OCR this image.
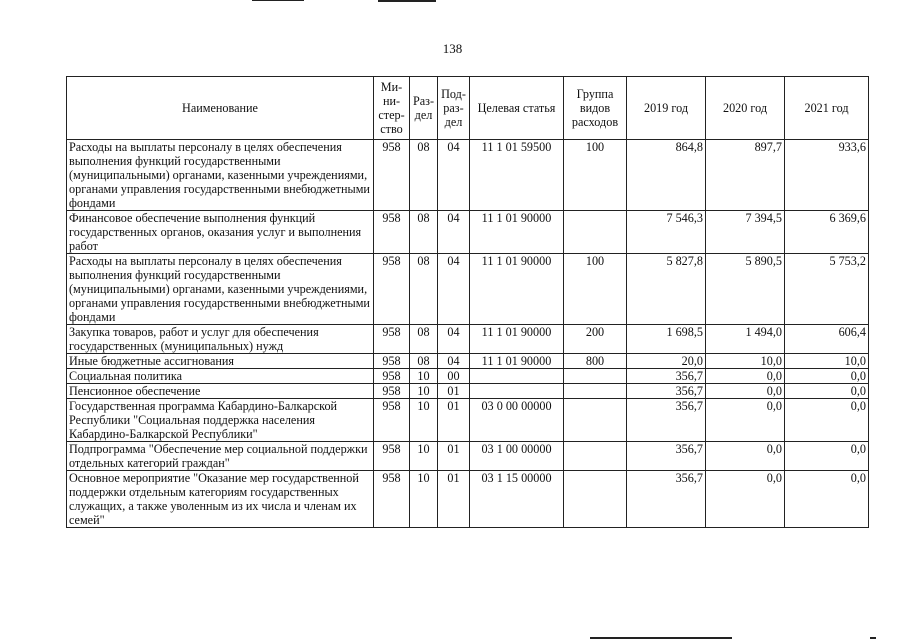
138
Наименование	Ми-ни-стер-ство	Раз-дел	Под-раз-дел	Целевая статья	Группа видов расходов	2019 год	2020 год	2021 год
Расходы на выплаты персоналу в целях обеспечения выполнения функций государственными (муниципальными) органами, казенными учреждениями, органами управления государственными внебюджетными фондами	958	08	04	11 1 01 59500	100	864,8	897,7	933,6
Финансовое обеспечение выполнения функций государственных органов, оказания услуг и выполнения работ	958	08	04	11 1 01 90000		7 546,3	7 394,5	6 369,6
Расходы на выплаты персоналу в целях обеспечения выполнения функций государственными (муниципальными) органами, казенными учреждениями, органами управления государственными внебюджетными фондами	958	08	04	11 1 01 90000	100	5 827,8	5 890,5	5 753,2
Закупка товаров, работ и услуг для обеспечения государственных (муниципальных) нужд	958	08	04	11 1 01 90000	200	1 698,5	1 494,0	606,4
Иные бюджетные ассигнования	958	08	04	11 1 01 90000	800	20,0	10,0	10,0
Социальная политика	958	10	00			356,7	0,0	0,0
Пенсионное обеспечение	958	10	01			356,7	0,0	0,0
Государственная программа Кабардино-Балкарской Республики "Социальная поддержка населения Кабардино-Балкарской Республики"	958	10	01	03 0 00 00000		356,7	0,0	0,0
Подпрограмма "Обеспечение мер социальной поддержки отдельных категорий граждан"	958	10	01	03 1 00 00000		356,7	0,0	0,0
Основное мероприятие "Оказание мер государственной поддержки отдельным категориям государственных служащих, а также уволенным из их числа и членам их семей"	958	10	01	03 1 15 00000		356,7	0,0	0,0
